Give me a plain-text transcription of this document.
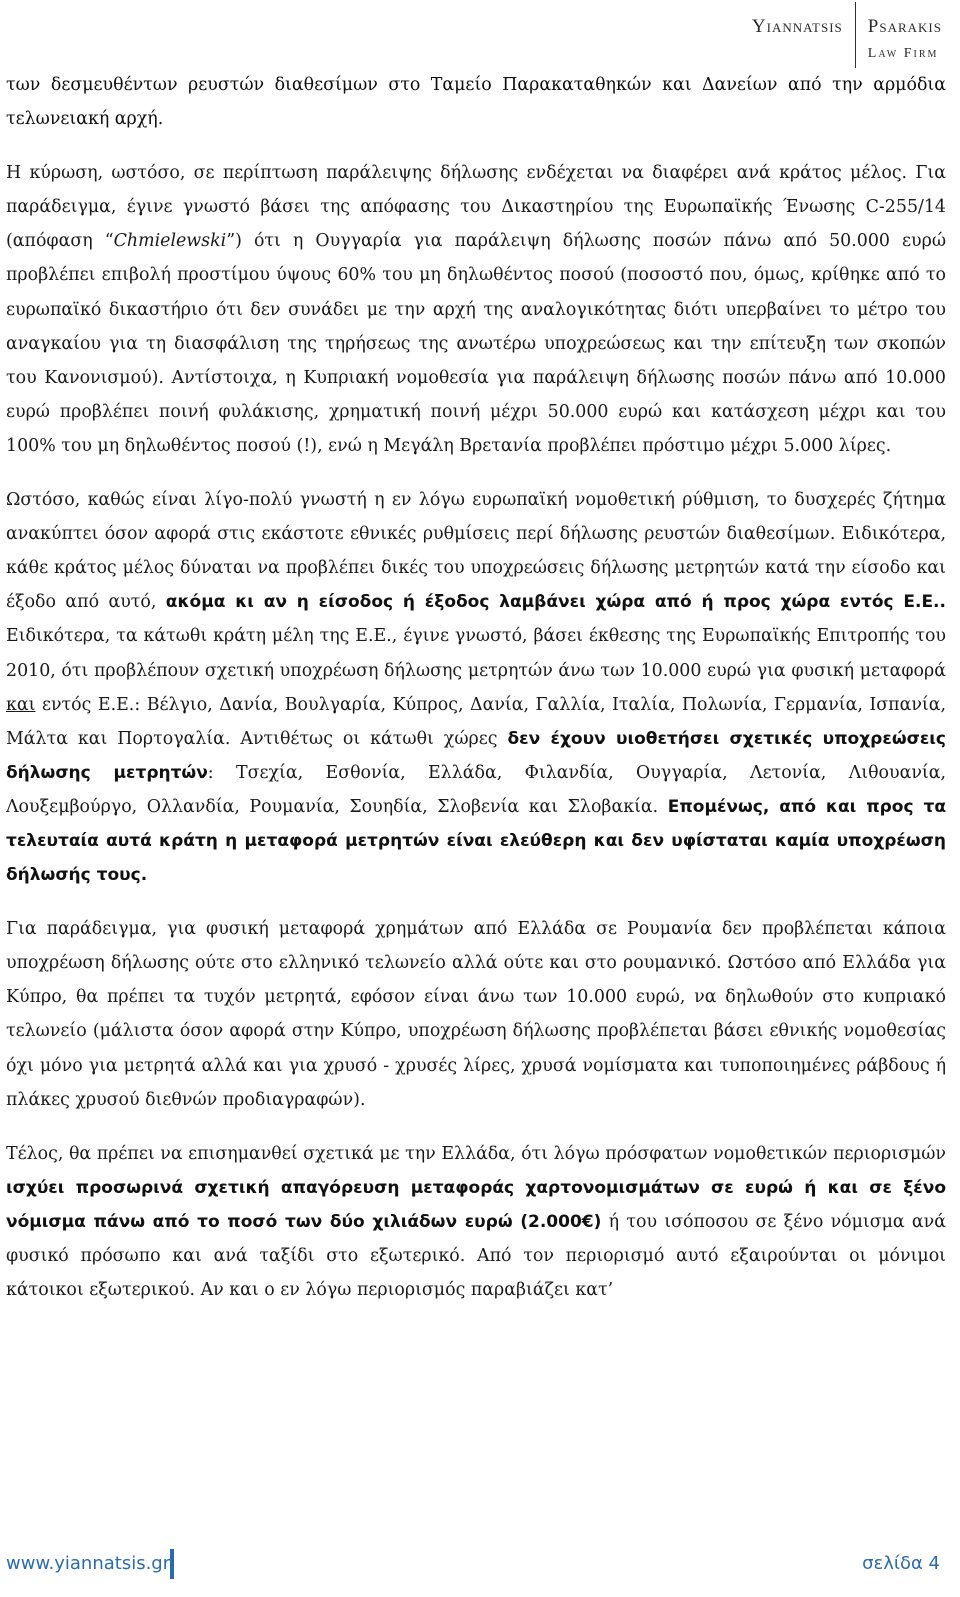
Yiannatsis	Psarakis
Law Firm

των δεσμευθέντων ρευστών διαθεσίμων στο Ταμείο Παρακαταθηκών και Δανείων από την αρμόδια τελωνειακή αρχή.

Η κύρωση, ωστόσο, σε περίπτωση παράλειψης δήλωσης ενδέχεται να διαφέρει ανά κράτος μέλος. Για παράδειγμα, έγινε γνωστό βάσει της απόφασης του Δικαστηρίου της Ευρωπαϊκής Ένωσης C-255/14 (απόφαση “Chmielewski”) ότι η Ουγγαρία για παράλειψη δήλωσης ποσών πάνω από 50.000 ευρώ προβλέπει επιβολή προστίμου ύψους 60% του μη δηλωθέντος ποσού (ποσοστό που, όμως, κρίθηκε από το ευρωπαϊκό δικαστήριο ότι δεν συνάδει με την αρχή της αναλογικότητας διότι υπερβαίνει το μέτρο του αναγκαίου για τη διασφάλιση της τηρήσεως της ανωτέρω υποχρεώσεως και την επίτευξη των σκοπών του Κανονισμού). Αντίστοιχα, η Κυπριακή νομοθεσία για παράλειψη δήλωσης ποσών πάνω από 10.000 ευρώ προβλέπει ποινή φυλάκισης, χρηματική ποινή μέχρι 50.000 ευρώ και κατάσχεση μέχρι και του 100% του μη δηλωθέντος ποσού (!), ενώ η Μεγάλη Βρετανία προβλέπει πρόστιμο μέχρι 5.000 λίρες.

Ωστόσο, καθώς είναι λίγο-πολύ γνωστή η εν λόγω ευρωπαϊκή νομοθετική ρύθμιση, το δυσχερές ζήτημα ανακύπτει όσον αφορά στις εκάστοτε εθνικές ρυθμίσεις περί δήλωσης ρευστών διαθεσίμων. Ειδικότερα, κάθε κράτος μέλος δύναται να προβλέπει δικές του υποχρεώσεις δήλωσης μετρητών κατά την είσοδο και έξοδο από αυτό, ακόμα κι αν η είσοδος ή έξοδος λαμβάνει χώρα από ή προς χώρα εντός Ε.Ε.. Ειδικότερα, τα κάτωθι κράτη μέλη της Ε.Ε., έγινε γνωστό, βάσει έκθεσης της Ευρωπαϊκής Επιτροπής του 2010, ότι προβλέπουν σχετική υποχρέωση δήλωσης μετρητών άνω των 10.000 ευρώ για φυσική μεταφορά και εντός Ε.Ε.: Βέλγιο, Δανία, Βουλγαρία, Κύπρος, Δανία, Γαλλία, Ιταλία, Πολωνία, Γερμανία, Ισπανία, Μάλτα και Πορτογαλία. Αντιθέτως οι κάτωθι χώρες δεν έχουν υιοθετήσει σχετικές υποχρεώσεις δήλωσης μετρητών: Τσεχία, Εσθονία, Ελλάδα, Φιλανδία, Ουγγαρία, Λετονία, Λιθουανία, Λουξεμβούργο, Ολλανδία, Ρουμανία, Σουηδία, Σλοβενία και Σλοβακία. Επομένως, από και προς τα τελευταία αυτά κράτη η μεταφορά μετρητών είναι ελεύθερη και δεν υφίσταται καμία υποχρέωση δήλωσής τους.

Για παράδειγμα, για φυσική μεταφορά χρημάτων από Ελλάδα σε Ρουμανία δεν προβλέπεται κάποια υποχρέωση δήλωσης ούτε στο ελληνικό τελωνείο αλλά ούτε και στο ρουμανικό. Ωστόσο από Ελλάδα για Κύπρο, θα πρέπει τα τυχόν μετρητά, εφόσον είναι άνω των 10.000 ευρώ, να δηλωθούν στο κυπριακό τελωνείο (μάλιστα όσον αφορά στην Κύπρο, υποχρέωση δήλωσης προβλέπεται βάσει εθνικής νομοθεσίας όχι μόνο για μετρητά αλλά και για χρυσό - χρυσές λίρες, χρυσά νομίσματα και τυποποιημένες ράβδους ή πλάκες χρυσού διεθνών προδιαγραφών).

Τέλος, θα πρέπει να επισημανθεί σχετικά με την Ελλάδα, ότι λόγω πρόσφατων νομοθετικών περιορισμών ισχύει προσωρινά σχετική απαγόρευση μεταφοράς χαρτονομισμάτων σε ευρώ ή και σε ξένο νόμισμα πάνω από το ποσό των δύο χιλιάδων ευρώ (2.000€) ή του ισόποσου σε ξένο νόμισμα ανά φυσικό πρόσωπο και ανά ταξίδι στο εξωτερικό. Από τον περιορισμό αυτό εξαιρούνται οι μόνιμοι κάτοικοι εξωτερικού. Αν και ο εν λόγω περιορισμός παραβιάζει κατ’

www.yiannatsis.gr	σελίδα 4
